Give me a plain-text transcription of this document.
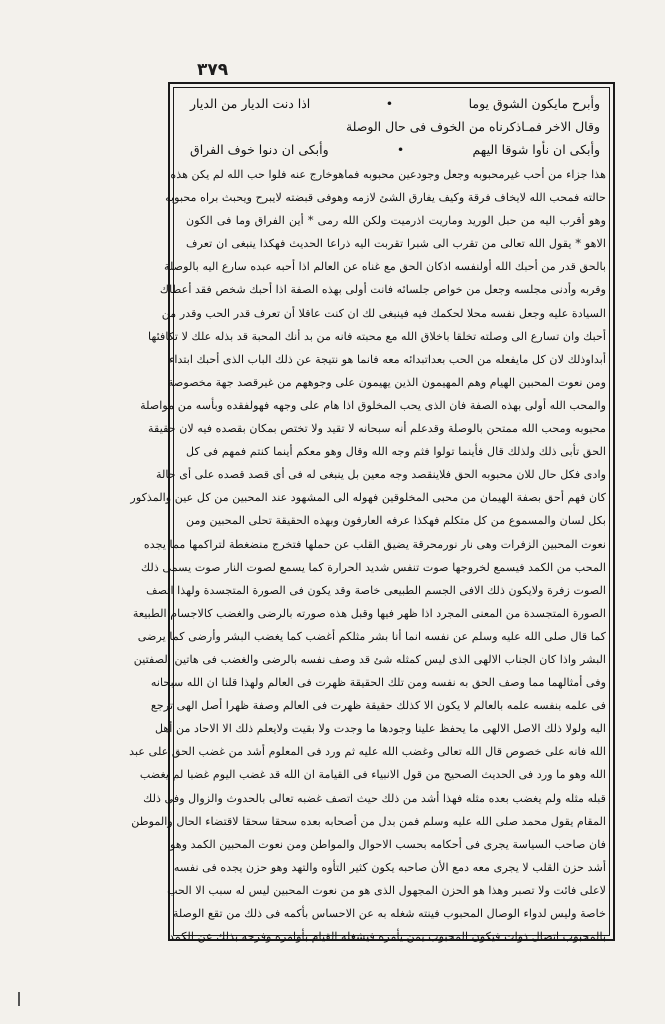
٣٧٩
وأبرح مايكون الشوق يوما
•
اذا دنت الديار من الديار
وقال الاخر فمـاذكرناه من الخوف فى حال الوصلة
وأبكى ان نأوا شوقا اليهم
•
وأبكى ان دنوا خوف الفراق
هذا جزاء من أحب غيرمحبوبه وجعل وجودعين محبوبه فماهوخارج عنه فلوا حب الله لم يكن هذه
حالته فمحب الله لايخاف فرقة وكيف يفارق الشئ لازمه وهوفى قبضته لايبرح ويحبث براه محبوبه
وهو أقرب اليه من حبل الوريد وماريت اذرميت ولكن الله رمى * أين الفراق وما فى الكون
الاهو * يقول الله تعالى من تقرب الى شبرا تقربت اليه ذراعا الحديث فهكذا ينبغى ان تعرف
بالحق قدر من أحبك الله أولنفسه اذكان الحق مع غناه عن العالم اذا أحبه عبده سارع اليه بالوصلة
وقربه وأدنى مجلسه وجعل من خواص جلسائه فانت أولى بهذه الصفة اذا أحبك شخص فقد أعطاك
السيادة عليه وجعل نفسه محلا لحكمك فيه فينبغى لك ان كنت عاقلا أن تعرف قدر الحب وقدر من
أحبك وان تسارع الى وصلته تخلقا باخلاق الله مع محبته فانه من بد أنك المحبة قد بذله علك لا تكافئها
أبداوذلك لان كل مايفعله من الحب بعداتبدائه معه فانما هو نتيجة عن ذلك الباب الذى أحبك ابتداء
ومن نعوت المحبين الهيام وهم المهيمون الذين يهيمون على وجوههم من غيرقصد جهة مخصوصة
والمحب الله أولى بهذه الصفة فان الذى يحب المخلوق اذا هام على وجهه فهولفقده وبأسه من مواصلة
محبوبه ومحب الله ممتحن بالوصلة وقدعلم أنه سبحانه لا تقيد ولا تختص بمكان بقصده فيه لان حقيقة
الحق تأبى ذلك ولذلك قال فأينما تولوا فثم وجه الله وقال وهو معكم أينما كنتم فمهم فى كل
وادى فكل حال للان محبوبه الحق فلاينقصد وجه معين بل ينبغى له فى أى قصد قصده على أى حالة
كان فهم أحق بصفة الهيمان من محبى المخلوقين فهوله الى المشهود عند المحبين من كل عين والمذكور
بكل لسان والمسموع من كل متكلم فهكذا عرفه العارفون وبهذه الحقيقة تحلى المحبين ومن
نعوت المحبين الزفرات وهى نار نورمحرقة يضيق القلب عن حملها فتخرج منضغطة لتراكمها مما يجده
المحب من الكمد فيسمع لخروجها صوت تنفس شديد الحرارة كما يسمع لصوت النار صوت يسمى ذلك
الصوت زفرة ولايكون ذلك الافى الجسم الطبيعى خاصة وقد يكون فى الصورة المتجسدة ولهذا اتصف
الصورة المتجسدة من المعنى المجرد اذا ظهر فيها وقبل هذه صورته بالرضى والغضب كالاجسام الطبيعة
كما قال صلى الله عليه وسلم عن نفسه انما أنا بشر مثلكم أغضب كما يغضب البشر وأرضى كما يرضى
البشر واذا كان الجناب الالهى الذى ليس كمثله شئ قد وصف نفسه بالرضى والغضب فى هاتين الصفتين
وفى أمثالهما مما وصف الحق به نفسه ومن تلك الحقيقة ظهرت فى العالم ولهذا قلنا ان الله سبحانه
فى علمه بنفسه علمه بالعالم لا يكون الا كذلك حقيقة ظهرت فى العالم وصفة ظهرا أصل الهى ترجع
اليه ولولا ذلك الاصل الالهى ما يحفظ علينا وجودها ما وجدت ولا بقيت ولايعلم ذلك الا الاحاد من أهل
الله فانه على خصوص قال الله تعالى وغضب الله عليه ثم ورد فى المعلوم أشد من غضب الحق على عبد
الله وهو ما ورد فى الحديث الصحيح من قول الانبياء فى القيامة ان الله قد غضب اليوم غضبا لم يغضب
قبله مثله ولم يغضب بعده مثله فهذا أشد من ذلك حيث اتصف غضبه تعالى بالحدوث والزوال وفى ذلك
المقام يقول محمد صلى الله عليه وسلم فمن بدل من أصحابه بعده سحقا سحقا لاقتضاء الحال والموطن
فان صاحب السياسة يجرى فى أحكامه بحسب الاحوال والمواطن ومن نعوت المحبين الكمد وهو
أشد حزن القلب لا يجرى معه دمع الأن صاحبه يكون كثير التأوه والتهد وهو حزن يجده فى نفسه
لاعلى فائت ولا تصبر وهذا هو الحزن المجهول الذى هو من نعوت المحبين ليس له سبب الا الحب
خاصة وليس لدواء الوصال المحبوب فينته شغله به عن الاحساس بأكمه فى ذلك من تقع الوصلة
بالمحبوب اتصال ذوات فيكون المحبوب يمن يأمره فيشغله القيام بأوامره وفرحه بذلك عن الكمد
